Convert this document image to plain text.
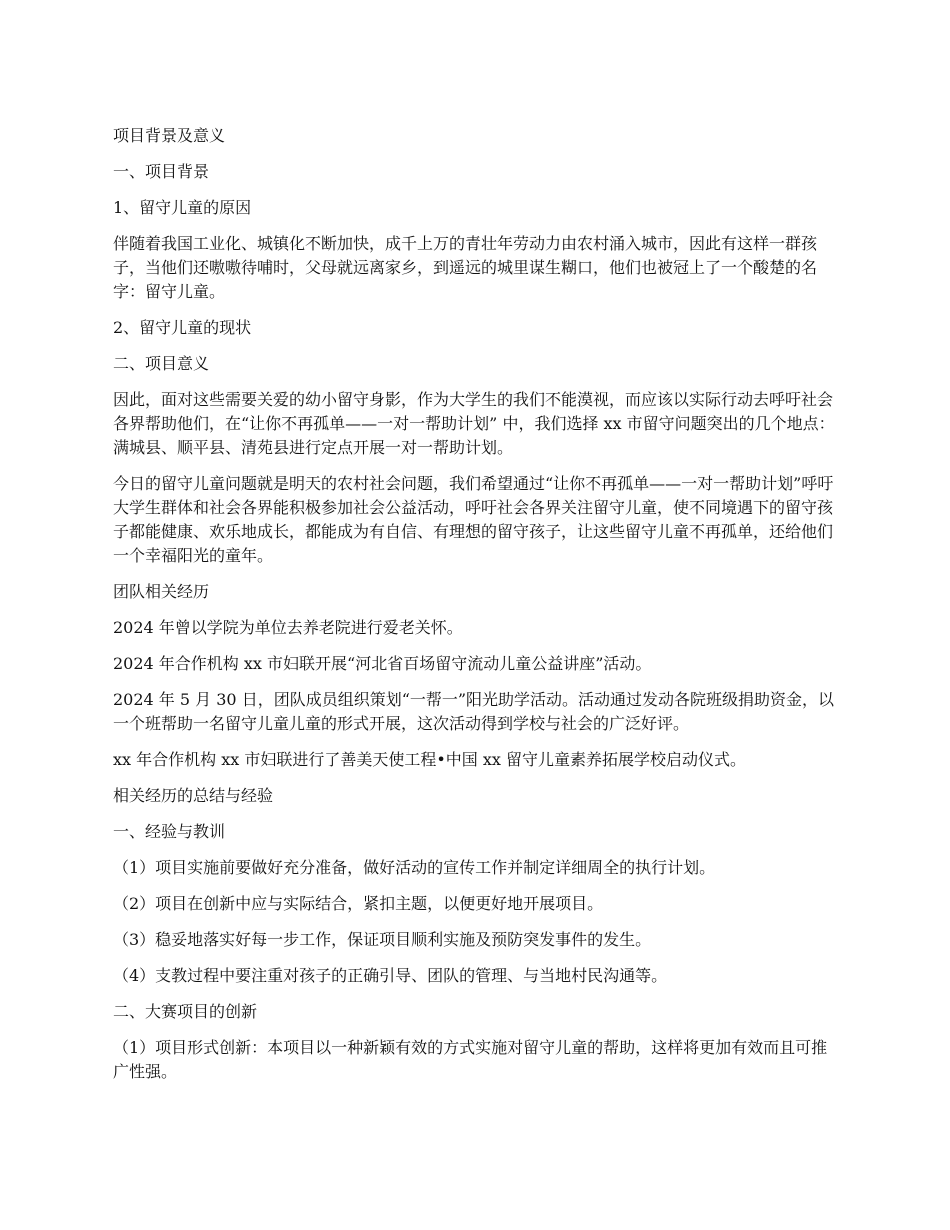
项目背景及意义

一、项目背景

1、留守儿童的原因

伴随着我国工业化、城镇化不断加快，成千上万的青壮年劳动力由农村涌入城市，因此有这样一群孩子，当他们还嗷嗷待哺时，父母就远离家乡，到遥远的城里谋生糊口，他们也被冠上了一个酸楚的名字：留守儿童。

2、留守儿童的现状

二、项目意义

因此，面对这些需要关爱的幼小留守身影，作为大学生的我们不能漠视，而应该以实际行动去呼吁社会各界帮助他们，在“让你不再孤单——一对一帮助计划” 中，我们选择 xx 市留守问题突出的几个地点：满城县、顺平县、清苑县进行定点开展一对一帮助计划。

今日的留守儿童问题就是明天的农村社会问题，我们希望通过“让你不再孤单——一对一帮助计划”呼吁大学生群体和社会各界能积极参加社会公益活动，呼吁社会各界关注留守儿童，使不同境遇下的留守孩子都能健康、欢乐地成长，都能成为有自信、有理想的留守孩子，让这些留守儿童不再孤单，还给他们一个幸福阳光的童年。

团队相关经历

2024 年曾以学院为单位去养老院进行爱老关怀。

2024 年合作机构 xx 市妇联开展“河北省百场留守流动儿童公益讲座”活动。

2024 年 5 月 30 日，团队成员组织策划“一帮一”阳光助学活动。活动通过发动各院班级捐助资金，以一个班帮助一名留守儿童儿童的形式开展，这次活动得到学校与社会的广泛好评。

xx 年合作机构 xx 市妇联进行了善美天使工程•中国 xx 留守儿童素养拓展学校启动仪式。

相关经历的总结与经验

一、经验与教训

（1）项目实施前要做好充分准备，做好活动的宣传工作并制定详细周全的执行计划。

（2）项目在创新中应与实际结合，紧扣主题，以便更好地开展项目。

（3）稳妥地落实好每一步工作，保证项目顺利实施及预防突发事件的发生。

（4）支教过程中要注重对孩子的正确引导、团队的管理、与当地村民沟通等。

二、大赛项目的创新

（1）项目形式创新：本项目以一种新颖有效的方式实施对留守儿童的帮助，这样将更加有效而且可推广性强。
